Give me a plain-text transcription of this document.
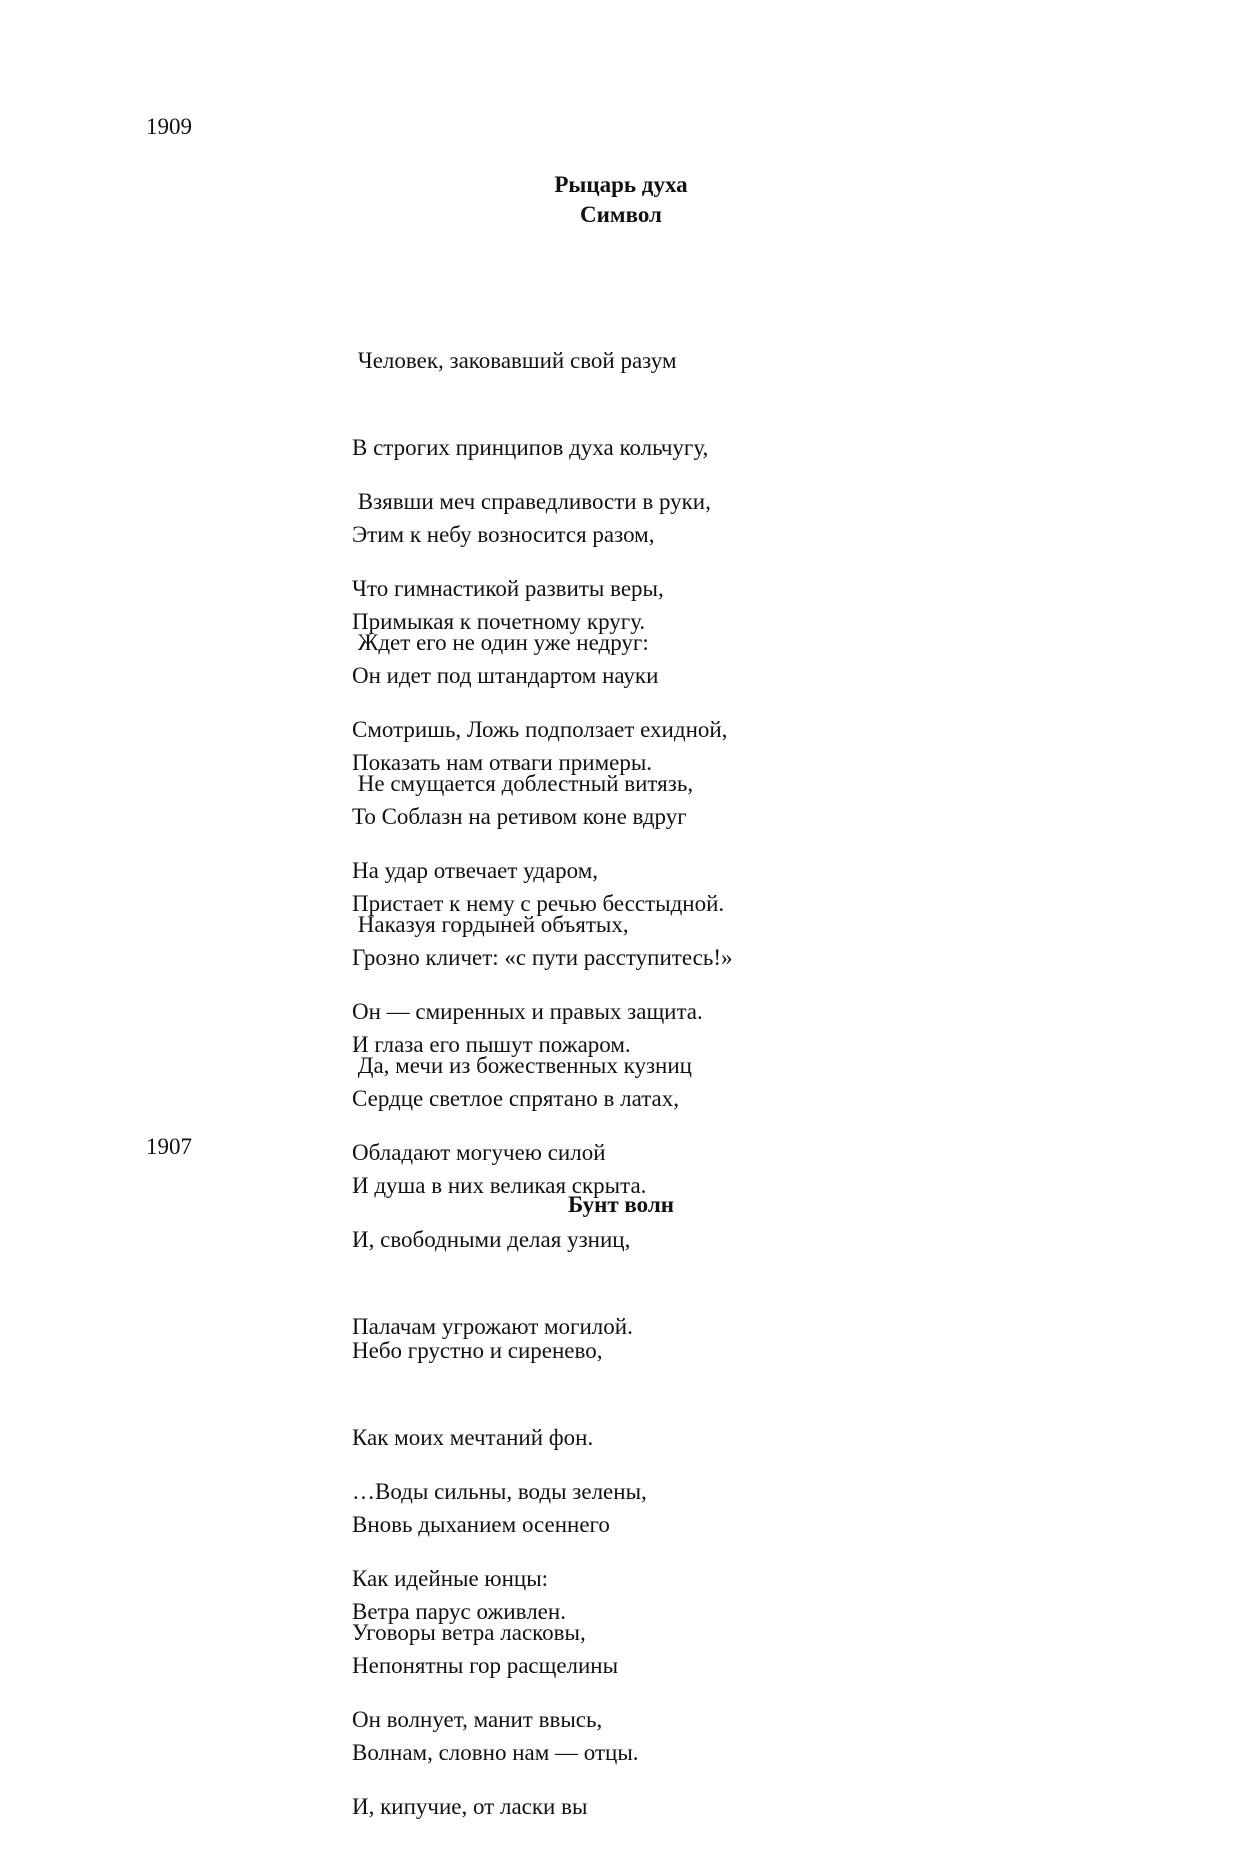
1909
Рыцарь духа
Символ

Человек, заковавший свой разум

В строгих принципов духа кольчугу,

Этим к небу возносится разом,

Примыкая к почетному кругу.

Взявши меч справедливости в руки,

Что гимнастикой развиты веры,

Он идет под штандартом науки

Показать нам отваги примеры.

Ждет его не один уже недруг:

Смотришь, Ложь подползает ехидной,

То Соблазн на ретивом коне вдруг

Пристает к нему с речью бесстыдной.

Не смущается доблестный витязь,

На удар отвечает ударом,

Грозно кличет: «с пути расступитесь!»

И глаза его пышут пожаром.

Наказуя гордыней объятых,

Он — смиренных и правых защита.

Сердце светлое спрятано в латах,

И душа в них великая скрыта.

Да, мечи из божественных кузниц

Обладают могучею силой

И, свободными делая узниц,

Палачам угрожают могилой.

1907
Бунт волн

Небо грустно и сиренево,

Как моих мечтаний фон.

Вновь дыханием осеннего

Ветра парус оживлен.

…Воды сильны, воды зелены,

Как идейные юнцы:

Непонятны гор расщелины

Волнам, словно нам — отцы.

Уговоры ветра ласковы,

Он волнует, манит ввысь,

И, кипучие, от ласки вы
